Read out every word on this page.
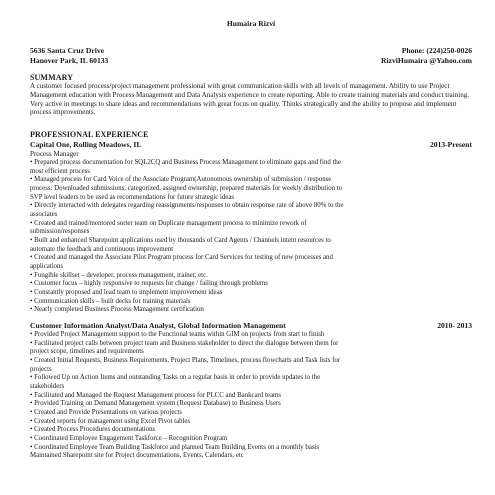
Humaira Rizvi
5636 Santa Cruz Drive	Phone: (224)250-0026
Hanover Park, IL 60133	RizviHumaira @Yahoo.com
SUMMARY
A customer focused process/project management professional with great communication skills with all levels of management. Ability to use Project Management education with Process Management and Data Analysis experience to create reporting. Able to create training materials and conduct training. Very active in meetings to share ideas and recommendations with great focus on quality. Thinks strategically and the ability to propose and implement process improvements.
PROFESSIONAL EXPERIENCE
Capital One, Rolling Meadows, IL	2013-Present
Process Manager
• Prepared process documentation for SQL2CQ and Business Process Management to eliminate gaps and find the
most efficient process
• Managed process for Card Voice of the Associate Program(Autonomous ownership of submission / response
process: Downloaded submissions, categorized, assigned ownership, prepared materials for weekly distribution to
SVP level leaders to be used as recommendations for future strategic ideas
• Directly interacted with delegates regarding reassignments/responses to obtain response rate of above 80% to the
associates
• Created and trained/mentored sorter team on Duplicate management process to minimize rework of
submission/responses
• Built and enhanced Sharepoint applications used by thousands of Card Agents / Channels intent resources to
automate the feedback and continuous improvement
• Created and managed the Associate Pilot Program process for Card Services for testing of new processes and
applications
• Fungible skillset – developer, process management, trainer, etc.
• Customer focus – highly responsive to requests for change / failing through problems
• Constantly proposed and lead team to implement improvement ideas
• Communication skills – built decks for training materials
• Nearly completed Business Process Management certification
Customer Information Analyst/Data Analyst, Global Information Management	2010- 2013
• Provided Project Management support to the Functional teams within GIM on projects from start to finish
• Facilitated project calls between project team and Business stakeholder to direct the dialogue between them for
project scope, timelines and requirements
• Created Initial Requests, Business Requirements, Project Plans, Timelines, process flowcharts and Task lists for
projects
• Followed Up on Action Items and outstanding Tasks on a regular basis in order to provide updates to the
stakeholders
• Facilitated and Managed the Request Management process for PLCC and Bankcard teams
• Provided Training on Demand Management system (Request Database) to Business Users
• Created and Provide Presentations on various projects
• Created reports for management using Excel Pivot tables
• Created Process Procedures documentations
• Coordinated Employee Engagement Taskforce – Recognition Program
• Coordinated Employee Team Building Taskforce and planned Team Building Events on a monthly basis
Maintained Sharepoint site for Project documentations, Events, Calendars, etc
